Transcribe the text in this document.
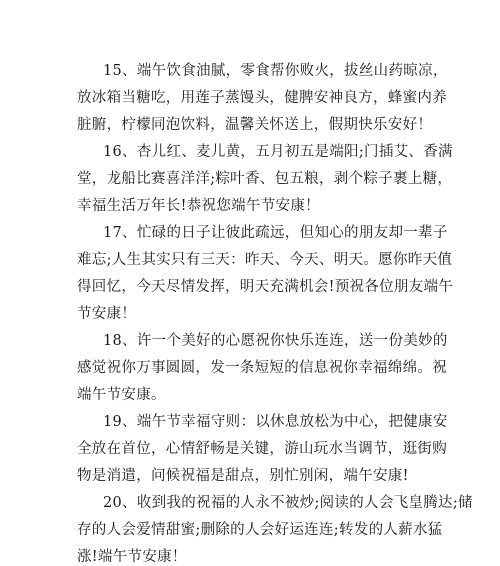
15、端午饮食油腻，零食帮你败火，拔丝山药晾凉，
放冰箱当糖吃，用莲子蒸馒头，健脾安神良方，蜂蜜内养
脏腑，柠檬同泡饮料，温馨关怀送上，假期快乐安好！
16、杏儿红、麦儿黄，五月初五是端阳;门插艾、香满
堂，龙船比赛喜洋洋;粽叶香、包五粮，剥个粽子裹上糖，
幸福生活万年长!恭祝您端午节安康！
17、忙碌的日子让彼此疏远，但知心的朋友却一辈子
难忘;人生其实只有三天：昨天、今天、明天。愿你昨天值
得回忆，今天尽情发挥，明天充满机会!预祝各位朋友端午
节安康！
18、许一个美好的心愿祝你快乐连连，送一份美妙的
感觉祝你万事圆圆，发一条短短的信息祝你幸福绵绵。祝
端午节安康。
19、端午节幸福守则：以休息放松为中心，把健康安
全放在首位，心情舒畅是关键，游山玩水当调节，逛街购
物是消遣，问候祝福是甜点，别忙别闲，端午安康!
20、收到我的祝福的人永不被炒;阅读的人会飞皇腾达;储
存的人会爱情甜蜜;删除的人会好运连连;转发的人薪水猛
涨!端午节安康！
